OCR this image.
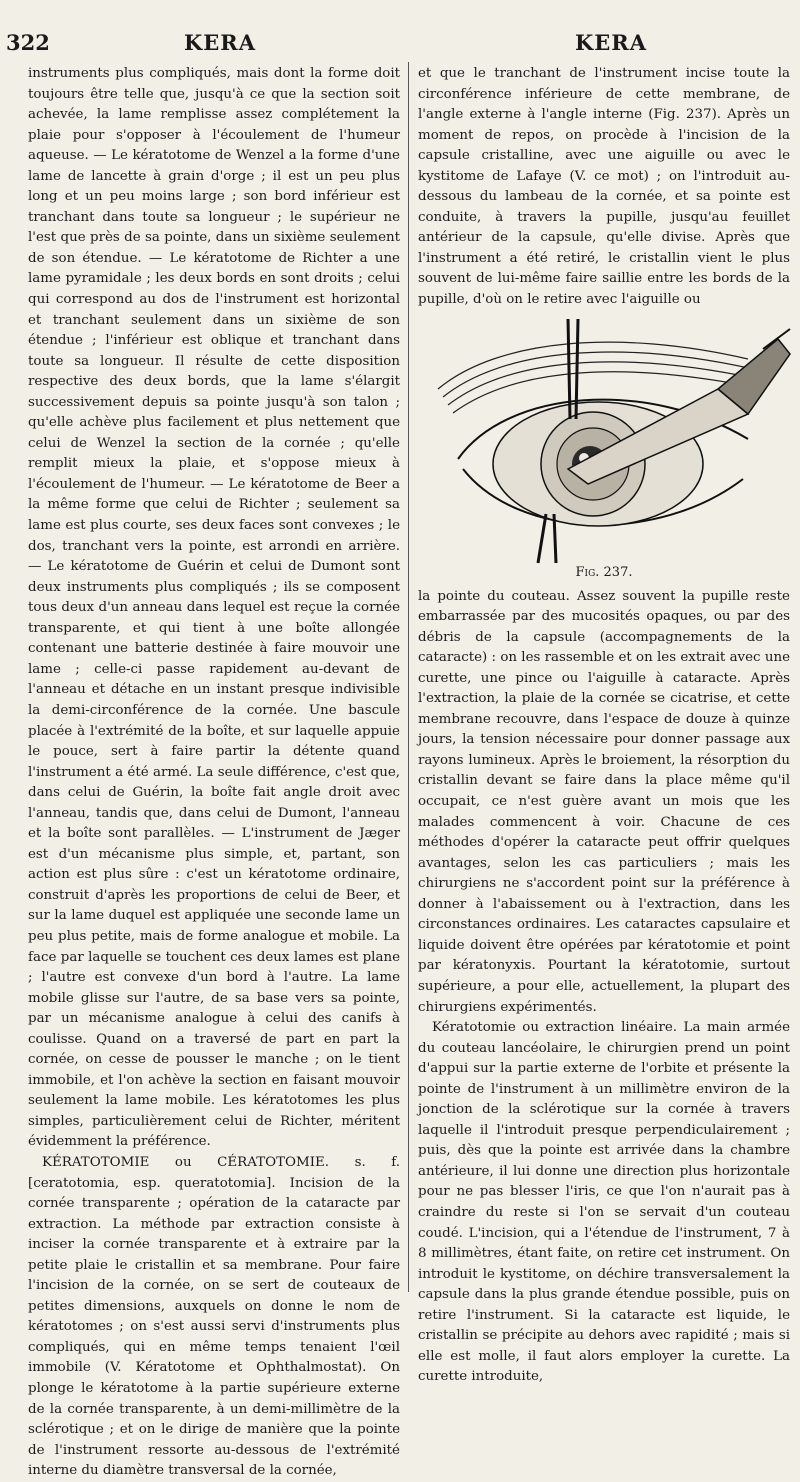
322	KERA	KERA

instruments plus compliqués, mais dont la forme doit toujours être telle que, jusqu'à ce que la section soit achevée, la lame remplisse assez complétement la plaie pour s'opposer à l'écoulement de l'humeur aqueuse. — Le kératotome de Wenzel a la forme d'une lame de lancette à grain d'orge ; il est un peu plus long et un peu moins large ; son bord inférieur est tranchant dans toute sa longueur ; le supérieur ne l'est que près de sa pointe, dans un sixième seulement de son étendue. — Le kératotome de Richter a une lame pyramidale ; les deux bords en sont droits ; celui qui correspond au dos de l'instrument est horizontal et tranchant seulement dans un sixième de son étendue ; l'inférieur est oblique et tranchant dans toute sa longueur. Il résulte de cette disposition respective des deux bords, que la lame s'élargit successivement depuis sa pointe jusqu'à son talon ; qu'elle achève plus facilement et plus nettement que celui de Wenzel la section de la cornée ; qu'elle remplit mieux la plaie, et s'oppose mieux à l'écoulement de l'humeur. — Le kératotome de Beer a la même forme que celui de Richter ; seulement sa lame est plus courte, ses deux faces sont convexes ; le dos, tranchant vers la pointe, est arrondi en arrière. — Le kératotome de Guérin et celui de Dumont sont deux instruments plus compliqués ; ils se composent tous deux d'un anneau dans lequel est reçue la cornée transparente, et qui tient à une boîte allongée contenant une batterie destinée à faire mouvoir une lame ; celle-ci passe rapidement au-devant de l'anneau et détache en un instant presque indivisible la demi-circonférence de la cornée. Une bascule placée à l'extrémité de la boîte, et sur laquelle appuie le pouce, sert à faire partir la détente quand l'instrument a été armé. La seule différence, c'est que, dans celui de Guérin, la boîte fait angle droit avec l'anneau, tandis que, dans celui de Dumont, l'anneau et la boîte sont parallèles. — L'instrument de Jæger est d'un mécanisme plus simple, et, partant, son action est plus sûre : c'est un kératotome ordinaire, construit d'après les proportions de celui de Beer, et sur la lame duquel est appliquée une seconde lame un peu plus petite, mais de forme analogue et mobile. La face par laquelle se touchent ces deux lames est plane ; l'autre est convexe d'un bord à l'autre. La lame mobile glisse sur l'autre, de sa base vers sa pointe, par un mécanisme analogue à celui des canifs à coulisse. Quand on a traversé de part en part la cornée, on cesse de pousser le manche ; on le tient immobile, et l'on achève la section en faisant mouvoir seulement la lame mobile. Les kératotomes les plus simples, particulièrement celui de Richter, méritent évidemment la préférence.

KÉRATOTOMIE ou CÉRATOTOMIE. s. f. [ceratotomia, esp. queratotomia]. Incision de la cornée transparente ; opération de la cataracte par extraction. La méthode par extraction consiste à inciser la cornée transparente et à extraire par la petite plaie le cristallin et sa membrane. Pour faire l'incision de la cornée, on se sert de couteaux de petites dimensions, auxquels on donne le nom de kératotomes ; on s'est aussi servi d'instruments plus compliqués, qui en même temps tenaient l'œil immobile (V. Kératotome et Ophthalmostat). On plonge le kératotome à la partie supérieure externe de la cornée transparente, à un demi-millimètre de la sclérotique ; et on le dirige de manière que la pointe de l'instrument ressorte au-dessous de l'extrémité interne du diamètre transversal de la cornée,

et que le tranchant de l'instrument incise toute la circonférence inférieure de cette membrane, de l'angle externe à l'angle interne (Fig. 237). Après un moment de repos, on procède à l'incision de la capsule cristalline, avec une aiguille ou avec le kystitome de Lafaye (V. ce mot) ; on l'introduit au-dessous du lambeau de la cornée, et sa pointe est conduite, à travers la pupille, jusqu'au feuillet antérieur de la capsule, qu'elle divise. Après que l'instrument a été retiré, le cristallin vient le plus souvent de lui-même faire saillie entre les bords de la pupille, d'où on le retire avec l'aiguille ou

Fig. 237.

la pointe du couteau. Assez souvent la pupille reste embarrassée par des mucosités opaques, ou par des débris de la capsule (accompagnements de la cataracte) : on les rassemble et on les extrait avec une curette, une pince ou l'aiguille à cataracte. Après l'extraction, la plaie de la cornée se cicatrise, et cette membrane recouvre, dans l'espace de douze à quinze jours, la tension nécessaire pour donner passage aux rayons lumineux. Après le broiement, la résorption du cristallin devant se faire dans la place même qu'il occupait, ce n'est guère avant un mois que les malades commencent à voir. Chacune de ces méthodes d'opérer la cataracte peut offrir quelques avantages, selon les cas particuliers ; mais les chirurgiens ne s'accordent point sur la préférence à donner à l'abaissement ou à l'extraction, dans les circonstances ordinaires. Les cataractes capsulaire et liquide doivent être opérées par kératotomie et point par kératonyxis. Pourtant la kératotomie, surtout supérieure, a pour elle, actuellement, la plupart des chirurgiens expérimentés.

Kératotomie ou extraction linéaire. La main armée du couteau lancéolaire, le chirurgien prend un point d'appui sur la partie externe de l'orbite et présente la pointe de l'instrument à un millimètre environ de la jonction de la sclérotique sur la cornée à travers laquelle il l'introduit presque perpendiculairement ; puis, dès que la pointe est arrivée dans la chambre antérieure, il lui donne une direction plus horizontale pour ne pas blesser l'iris, ce que l'on n'aurait pas à craindre du reste si l'on se servait d'un couteau coudé. L'incision, qui a l'étendue de l'instrument, 7 à 8 millimètres, étant faite, on retire cet instrument. On introduit le kystitome, on déchire transversalement la capsule dans la plus grande étendue possible, puis on retire l'instrument. Si la cataracte est liquide, le cristallin se précipite au dehors avec rapidité ; mais si elle est molle, il faut alors employer la curette. La curette introduite,
